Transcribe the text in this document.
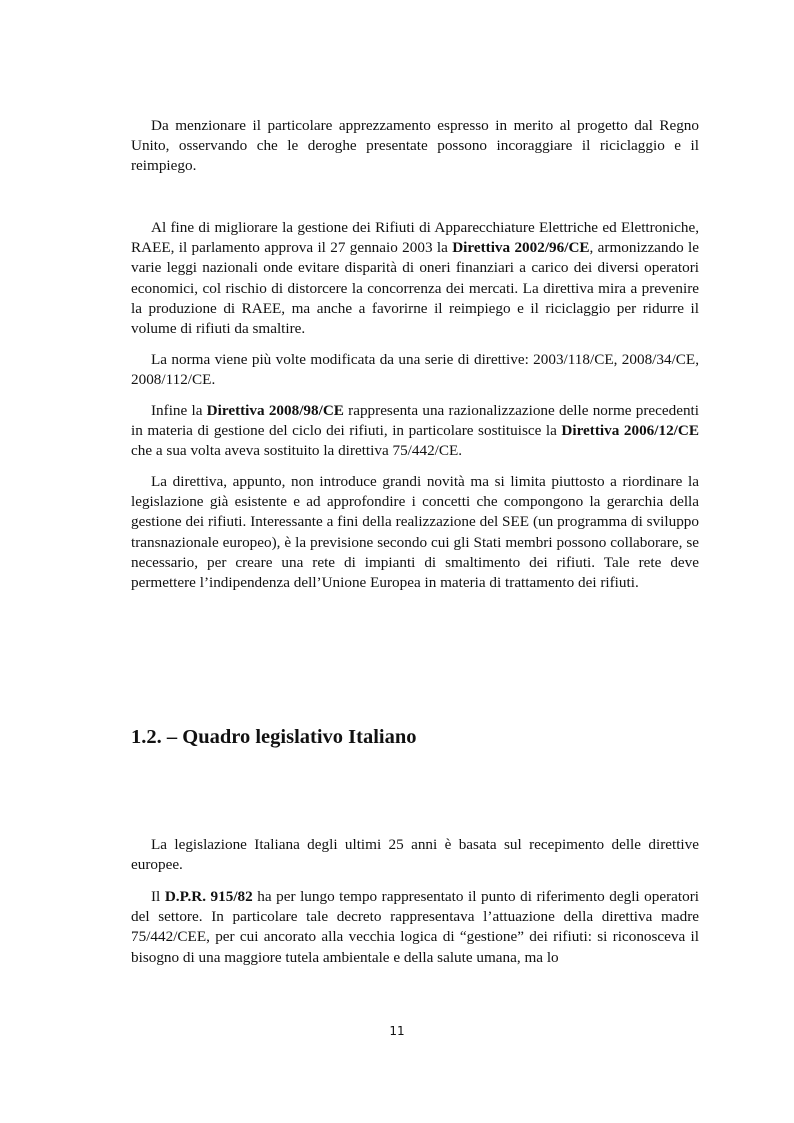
Da menzionare il particolare apprezzamento espresso in merito al progetto dal Regno Unito, osservando che le deroghe presentate possono incoraggiare il riciclaggio e il reimpiego.

Al fine di migliorare la gestione dei Rifiuti di Apparecchiature Elettriche ed Elettroniche, RAEE, il parlamento approva il 27 gennaio 2003 la Direttiva 2002/96/CE, armonizzando le varie leggi nazionali onde evitare disparità di oneri finanziari a carico dei diversi operatori economici, col rischio di distorcere la concorrenza dei mercati. La direttiva mira a prevenire la produzione di RAEE, ma anche a favorirne il reimpiego e il riciclaggio per ridurre il volume di rifiuti da smaltire.

La norma viene più volte modificata da una serie di direttive: 2003/118/CE, 2008/34/CE, 2008/112/CE.

Infine la Direttiva 2008/98/CE rappresenta una razionalizzazione delle norme precedenti in materia di gestione del ciclo dei rifiuti, in particolare sostituisce la Direttiva 2006/12/CE che a sua volta aveva sostituito la direttiva 75/442/CE.

La direttiva, appunto, non introduce grandi novità ma si limita piuttosto a riordinare la legislazione già esistente e ad approfondire i concetti che compongono la gerarchia della gestione dei rifiuti. Interessante a fini della realizzazione del SEE (un programma di sviluppo transnazionale europeo), è la previsione secondo cui gli Stati membri possono collaborare, se necessario, per creare una rete di impianti di smaltimento dei rifiuti. Tale rete deve permettere l’indipendenza dell’Unione Europea in materia di trattamento dei rifiuti.

1.2. – Quadro legislativo Italiano

La legislazione Italiana degli ultimi 25 anni è basata sul recepimento delle direttive europee.

Il D.P.R. 915/82 ha per lungo tempo rappresentato il punto di riferimento degli operatori del settore. In particolare tale decreto rappresentava l’attuazione della direttiva madre 75/442/CEE, per cui ancorato alla vecchia logica di “gestione” dei rifiuti: si riconosceva il bisogno di una maggiore tutela ambientale e della salute umana, ma lo

11
